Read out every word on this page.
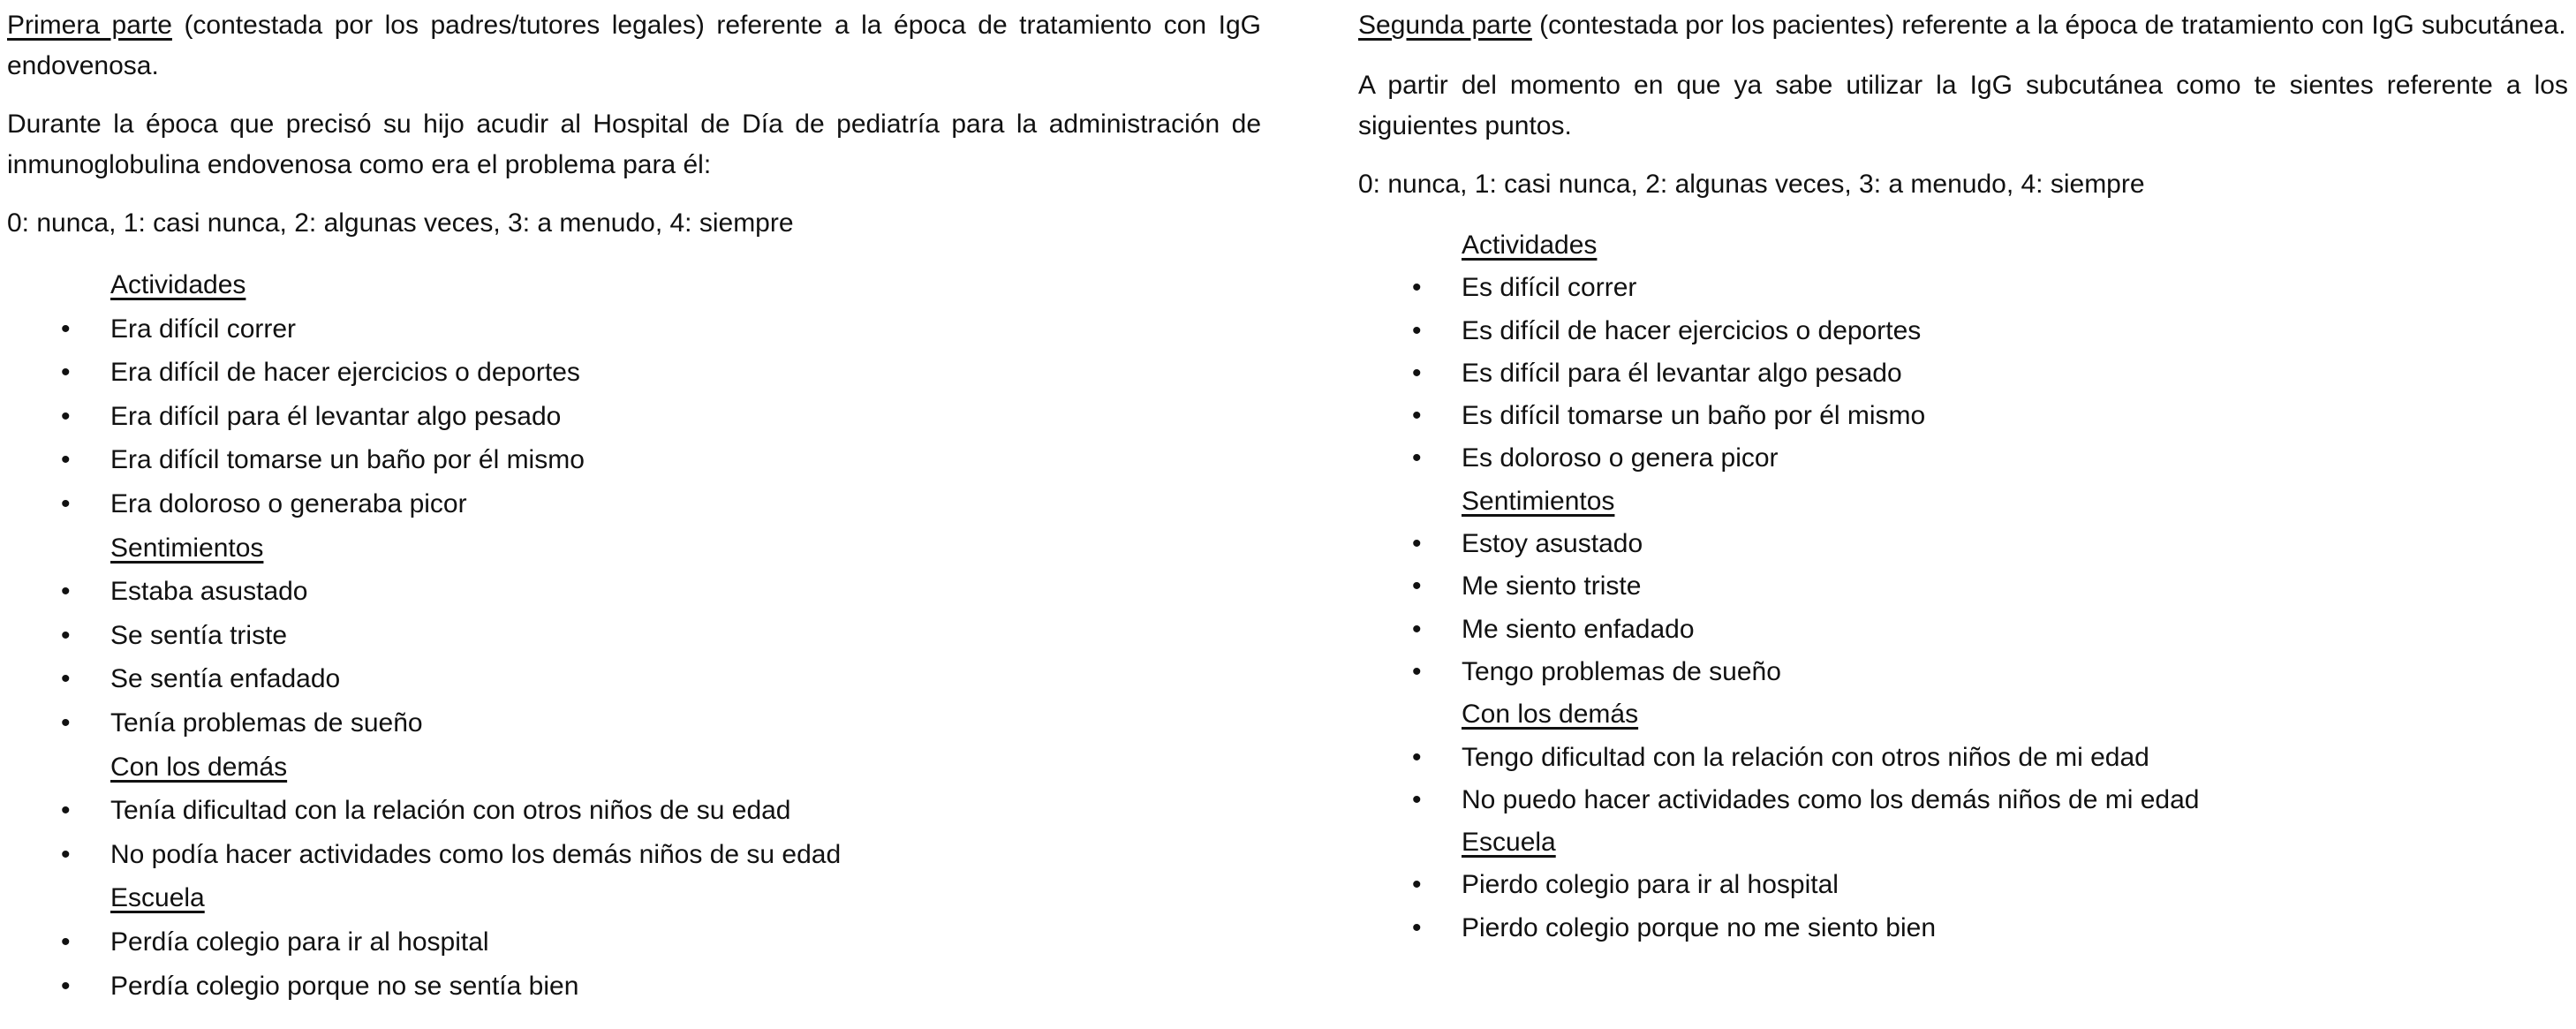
Primera parte (contestada por los padres/tutores legales) referente a la época de tratamiento con IgG endovenosa.

Durante la época que precisó su hijo acudir al Hospital de Día de pediatría para la administración de inmunoglobulina endovenosa como era el problema para él:

0: nunca, 1: casi nunca, 2: algunas veces, 3: a menudo, 4: siempre

Actividades
• Era difícil correr
• Era difícil de hacer ejercicios o deportes
• Era difícil para él levantar algo pesado
• Era difícil tomarse un baño por él mismo
• Era doloroso o generaba picor
Sentimientos
• Estaba asustado
• Se sentía triste
• Se sentía enfadado
• Tenía problemas de sueño
Con los demás
• Tenía dificultad con la relación con otros niños de su edad
• No podía hacer actividades como los demás niños de su edad
Escuela
• Perdía colegio para ir al hospital
• Perdía colegio porque no se sentía bien

Segunda parte (contestada por los pacientes) referente a la época de tratamiento con IgG subcutánea.

A partir del momento en que ya sabe utilizar la IgG subcutánea como te sientes referente a los siguientes puntos.

0: nunca, 1: casi nunca, 2: algunas veces, 3: a menudo, 4: siempre

Actividades
• Es difícil correr
• Es difícil de hacer ejercicios o deportes
• Es difícil para él levantar algo pesado
• Es difícil tomarse un baño por él mismo
• Es doloroso o genera picor
Sentimientos
• Estoy asustado
• Me siento triste
• Me siento enfadado
• Tengo problemas de sueño
Con los demás
• Tengo dificultad con la relación con otros niños de mi edad
• No puedo hacer actividades como los demás niños de mi edad
Escuela
• Pierdo colegio para ir al hospital
• Pierdo colegio porque no me siento bien
